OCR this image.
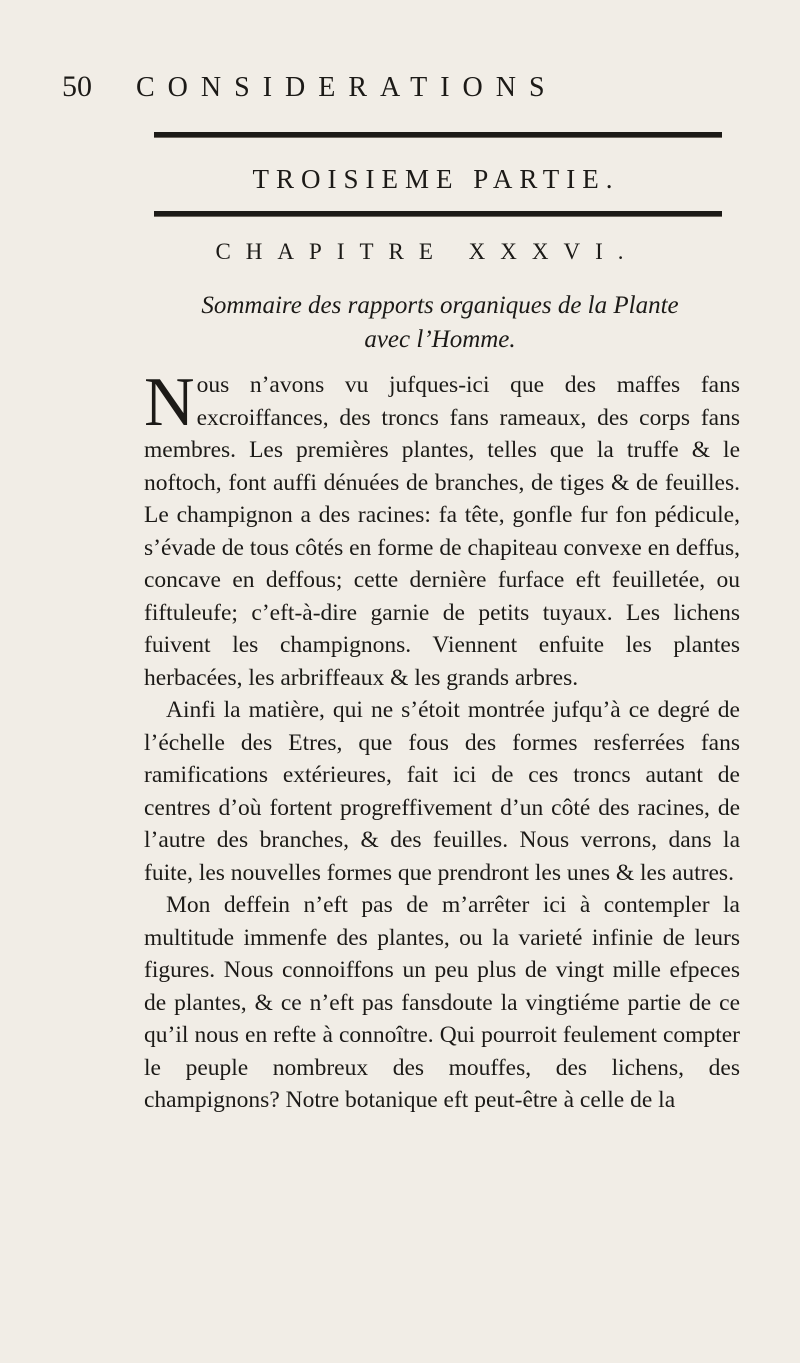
50	CONSIDERATIONS
TROISIEME PARTIE.
CHAPITRE XXXVI.
Sommaire des rapports organiques de la Plante
avec l’Homme.

Nous n’avons vu jufques-ici que des maffes fans excroiffances, des troncs fans rameaux, des corps fans membres. Les premières plantes, telles que la truffe & le noftoch, font auffi dénuées de branches, de tiges & de feuilles. Le champignon a des racines: fa tête, gonfle fur fon pédicule, s’évade de tous côtés en forme de chapiteau convexe en deffus, concave en deffous; cette dernière furface eft feuilletée, ou fiftuleufe; c’eft-à-dire garnie de petits tuyaux. Les lichens fuivent les champignons. Viennent enfuite les plantes herbacées, les arbriffeaux & les grands arbres.

Ainfi la matière, qui ne s’étoit montrée jufqu’à ce degré de l’échelle des Etres, que fous des formes resferrées fans ramifications extérieures, fait ici de ces troncs autant de centres d’où fortent progreffivement d’un côté des racines, de l’autre des branches, & des feuilles. Nous verrons, dans la fuite, les nouvelles formes que prendront les unes & les autres.

Mon deffein n’eft pas de m’arrêter ici à contempler la multitude immenfe des plantes, ou la varieté infinie de leurs figures. Nous connoiffons un peu plus de vingt mille efpeces de plantes, & ce n’eft pas fansdoute la vingtiéme partie de ce qu’il nous en refte à connoître. Qui pourroit feulement compter le peuple nombreux des mouffes, des lichens, des champignons? Notre botanique eft peut-être à celle de la
